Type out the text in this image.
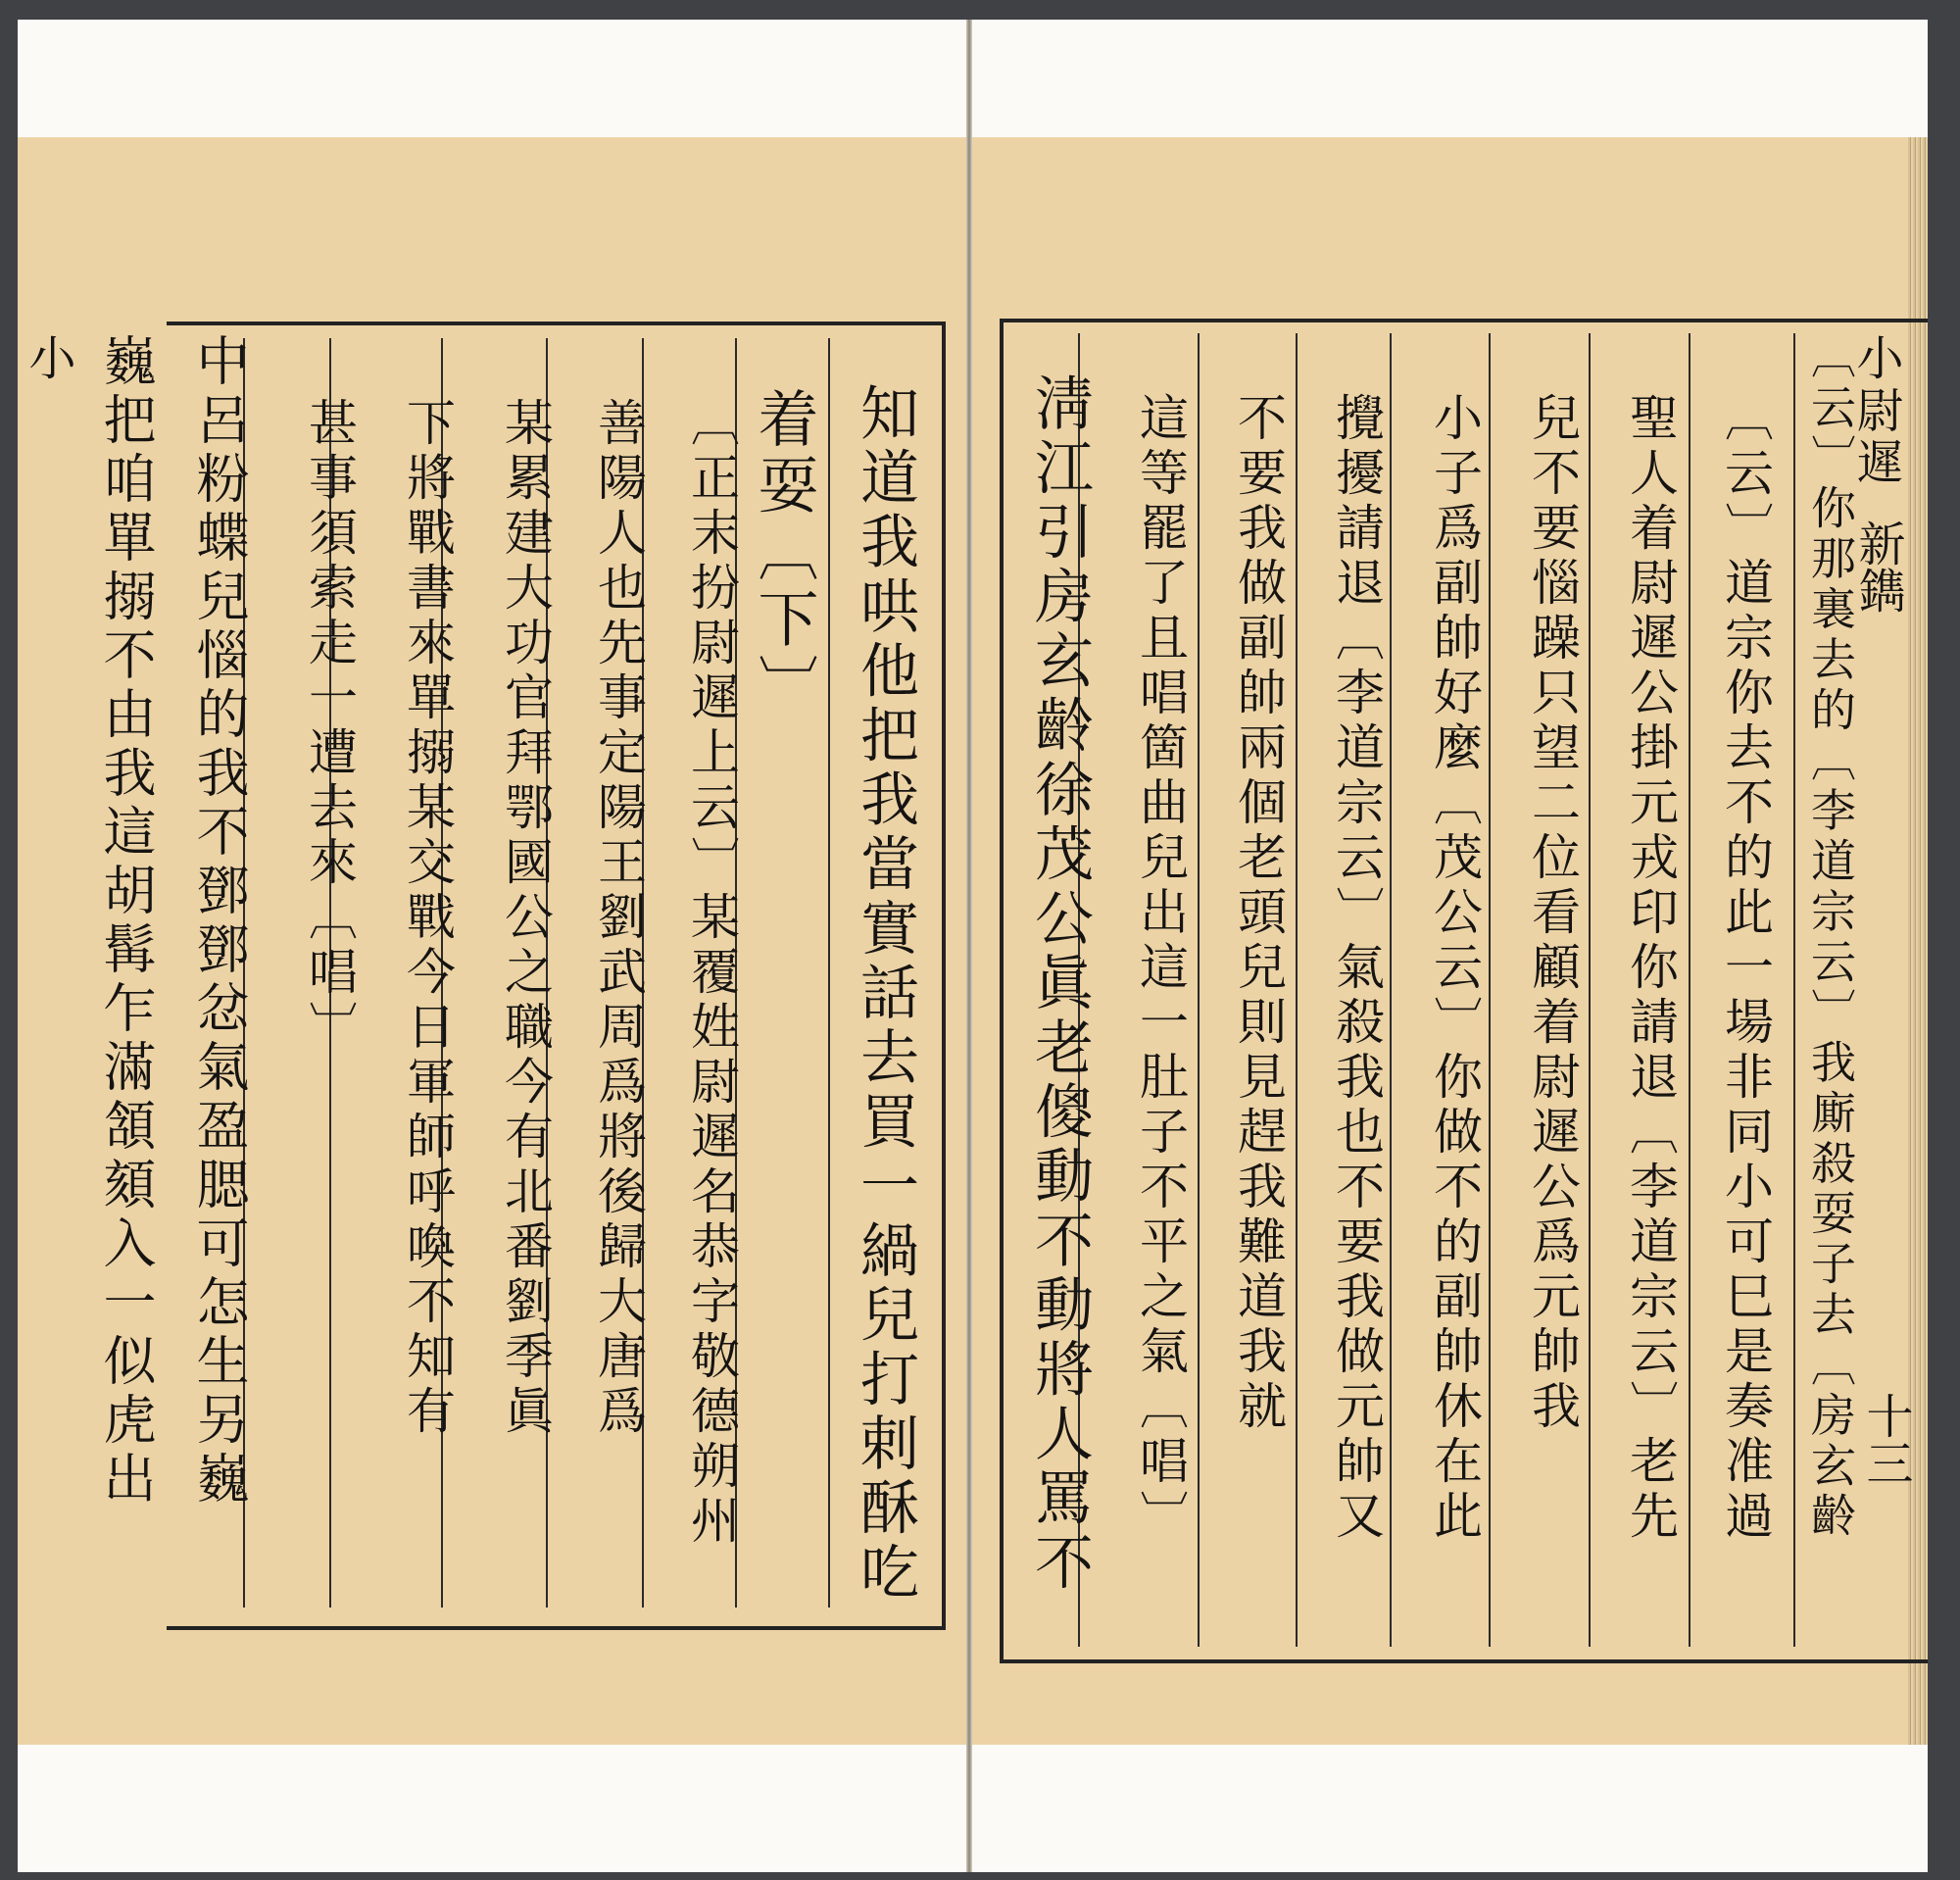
知道我哄他把我當實話去買一緺兒打剌酥吃
着耍〔下〕
〔正末扮尉遲上云〕某覆姓尉遲名恭字敬德朔州
善陽人也先事定陽王劉武周爲將後歸大唐爲
某累建大功官拜鄂國公之職今有北番劉季眞
下將戰書來單搦某交戰今日軍師呼喚不知有
甚事須索走一遭去來〔唱〕
中呂粉蝶兒惱的我不鄧鄧忿氣盈腮可怎生另巍
巍把咱單搦不由我這胡髯乍滿頷頦入一似虎出
小	小尉遲
新鐫
十三
〔云〕你那裏去的〔李道宗云〕我廝殺耍子去〔房玄齡
〔云〕道宗你去不的此一場非同小可巳是奏准過
聖人着尉遲公掛元戎印你請退〔李道宗云〕老先
兒不要惱躁只望二位看顧着尉遲公爲元帥我
小子爲副帥好麼〔茂公云〕你做不的副帥休在此
攪擾請退〔李道宗云〕氣殺我也不要我做元帥又
不要我做副帥兩個老頭兒則見趕我難道我就
這等罷了且唱箇曲兒出這一肚子不平之氣〔唱〕
淸江引房玄齡徐茂公眞老傻動不動將人罵不
